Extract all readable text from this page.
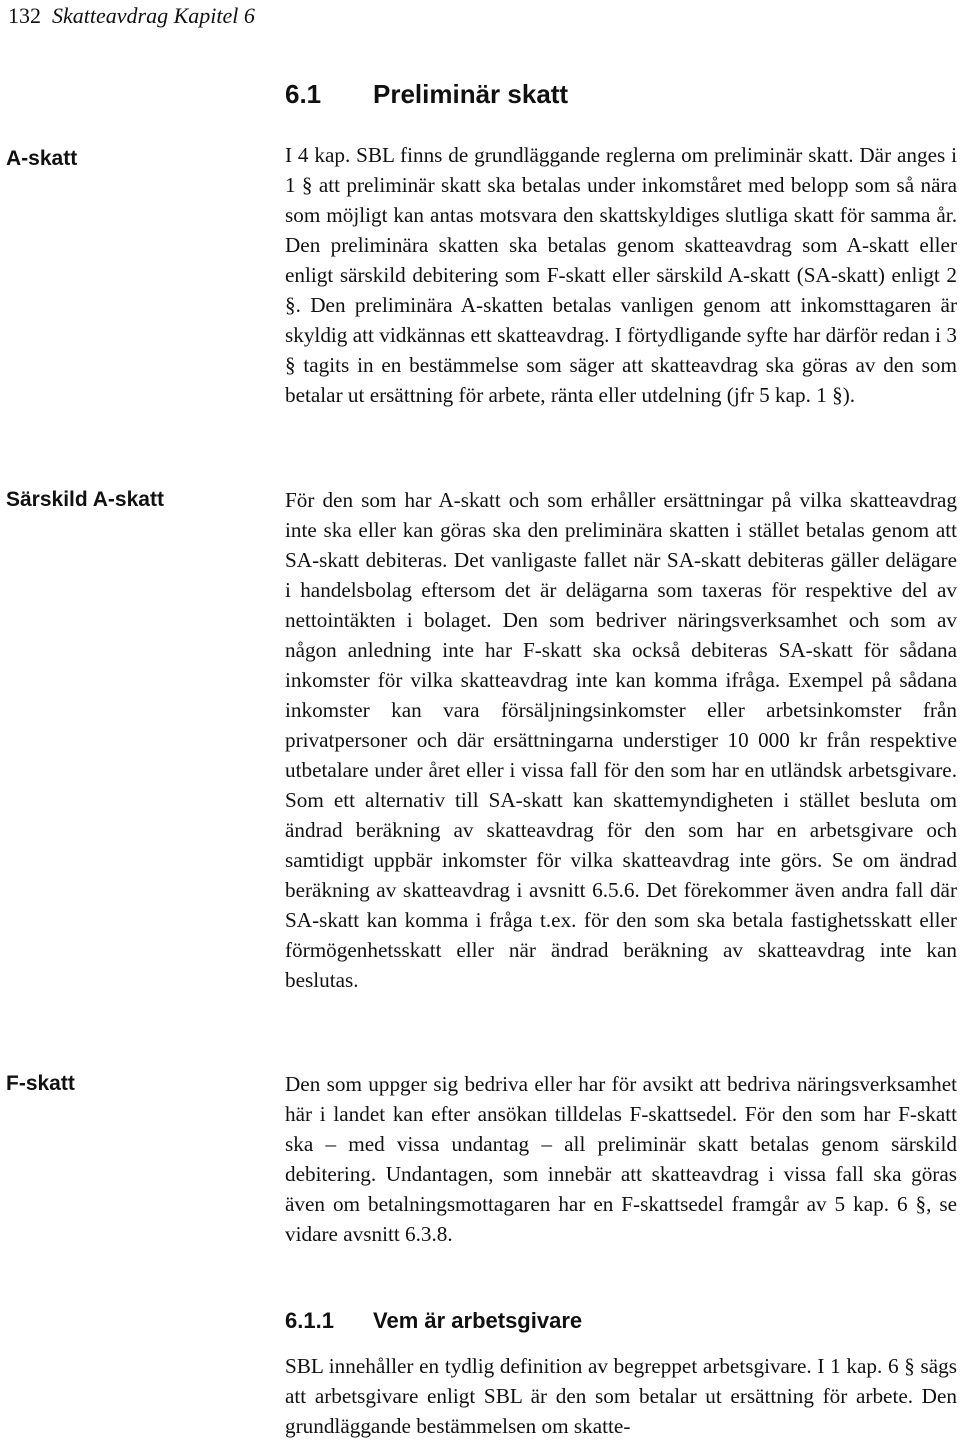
132 Skatteavdrag Kapitel 6

6.1 Preliminär skatt
A-skatt	I 4 kap. SBL finns de grundläggande reglerna om preliminär skatt. Där anges i 1 § att preliminär skatt ska betalas under inkomståret med belopp som så nära som möjligt kan antas motsvara den skattskyldiges slutliga skatt för samma år. Den preliminära skatten ska betalas genom skatteavdrag som A-skatt eller enligt särskild debitering som F-skatt eller särskild A-skatt (SA-skatt) enligt 2 §. Den preliminära A-skatten betalas vanligen genom att inkomsttagaren är skyldig att vidkännas ett skatteavdrag. I förtydligande syfte har därför redan i 3 § tagits in en bestämmelse som säger att skatteavdrag ska göras av den som betalar ut ersättning för arbete, ränta eller utdelning (jfr 5 kap. 1 §).

Särskild A-skatt	För den som har A-skatt och som erhåller ersättningar på vilka skatteavdrag inte ska eller kan göras ska den preliminära skatten i stället betalas genom att SA-skatt debiteras. Det vanligaste fallet när SA-skatt debiteras gäller delägare i handelsbolag eftersom det är delägarna som taxeras för respektive del av nettointäkten i bolaget. Den som bedriver näringsverksamhet och som av någon anledning inte har F-skatt ska också debiteras SA-skatt för sådana inkomster för vilka skatteavdrag inte kan komma ifråga. Exempel på sådana inkomster kan vara försäljningsinkomster eller arbetsinkomster från privatpersoner och där ersättningarna understiger 10 000 kr från respektive utbetalare under året eller i vissa fall för den som har en utländsk arbetsgivare. Som ett alternativ till SA-skatt kan skattemyndigheten i stället besluta om ändrad beräkning av skatteavdrag för den som har en arbetsgivare och samtidigt uppbär inkomster för vilka skatteavdrag inte görs. Se om ändrad beräkning av skatteavdrag i avsnitt 6.5.6. Det förekommer även andra fall där SA-skatt kan komma i fråga t.ex. för den som ska betala fastighetsskatt eller förmögenhetsskatt eller när ändrad beräkning av skatteavdrag inte kan beslutas.

F-skatt	Den som uppger sig bedriva eller har för avsikt att bedriva näringsverksamhet här i landet kan efter ansökan tilldelas F-skattsedel. För den som har F-skatt ska – med vissa undantag – all preliminär skatt betalas genom särskild debitering. Undantagen, som innebär att skatteavdrag i vissa fall ska göras även om betalningsmottagaren har en F-skattsedel framgår av 5 kap. 6 §, se vidare avsnitt 6.3.8.

6.1.1 Vem är arbetsgivare

SBL innehåller en tydlig definition av begreppet arbetsgivare. I 1 kap. 6 § sägs att arbetsgivare enligt SBL är den som betalar ut ersättning för arbete. Den grundläggande bestämmelsen om skatte-
